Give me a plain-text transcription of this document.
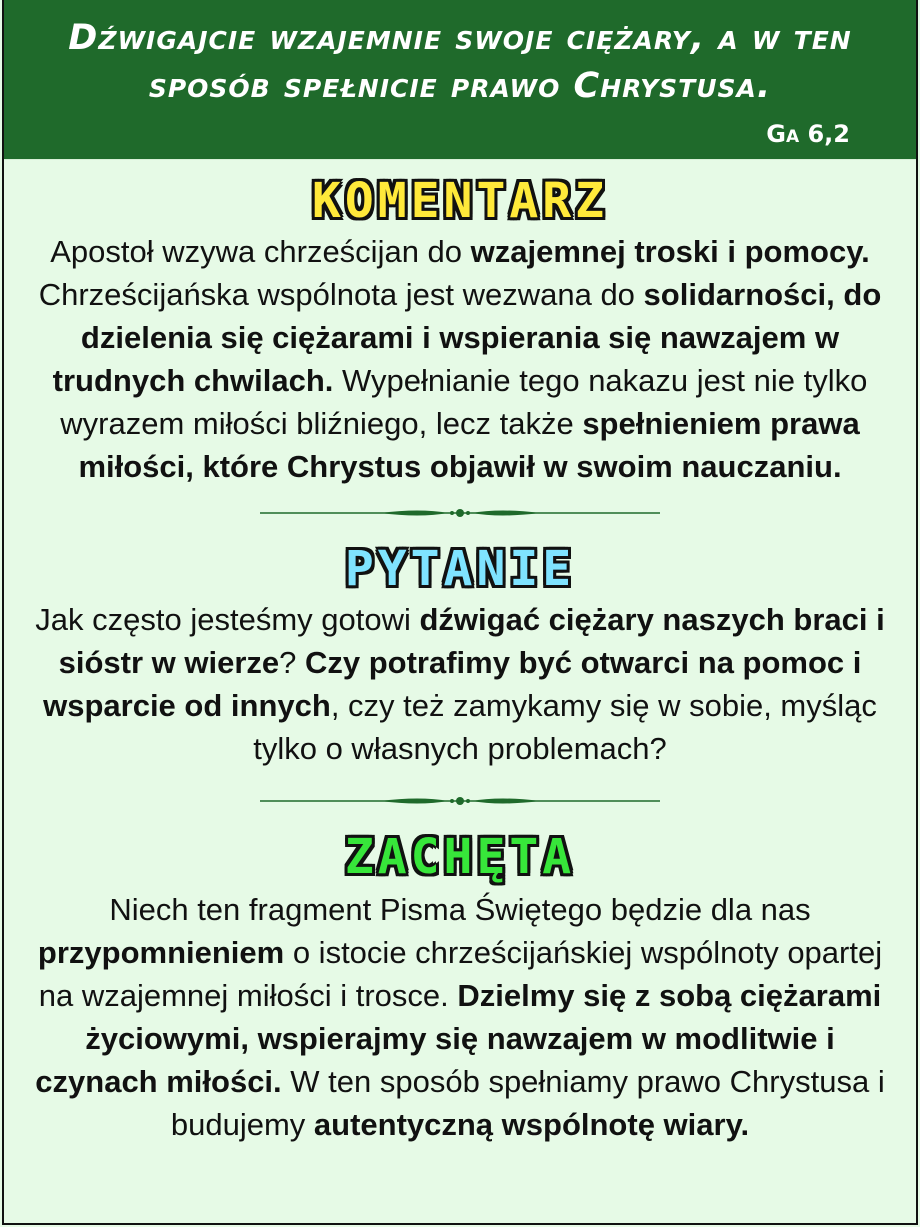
Dźwigajcie wzajemnie swoje ciężary, a w ten sposób spełnicie prawo Chrystusa.

Ga 6,2

KOMENTARZ

Apostoł wzywa chrześcijan do wzajemnej troski i pomocy. Chrześcijańska wspólnota jest wezwana do solidarności, do dzielenia się ciężarami i wspierania się nawzajem w trudnych chwilach. Wypełnianie tego nakazu jest nie tylko wyrazem miłości bliźniego, lecz także spełnieniem prawa miłości, które Chrystus objawił w swoim nauczaniu.

PYTANIE

Jak często jesteśmy gotowi dźwigać ciężary naszych braci i sióstr w wierze? Czy potrafimy być otwarci na pomoc i wsparcie od innych, czy też zamykamy się w sobie, myśląc tylko o własnych problemach?

ZACHĘTA

Niech ten fragment Pisma Świętego będzie dla nas przypomnieniem o istocie chrześcijańskiej wspólnoty opartej na wzajemnej miłości i trosce. Dzielmy się z sobą ciężarami życiowymi, wspierajmy się nawzajem w modlitwie i czynach miłości. W ten sposób spełniamy prawo Chrystusa i budujemy autentyczną wspólnotę wiary.
